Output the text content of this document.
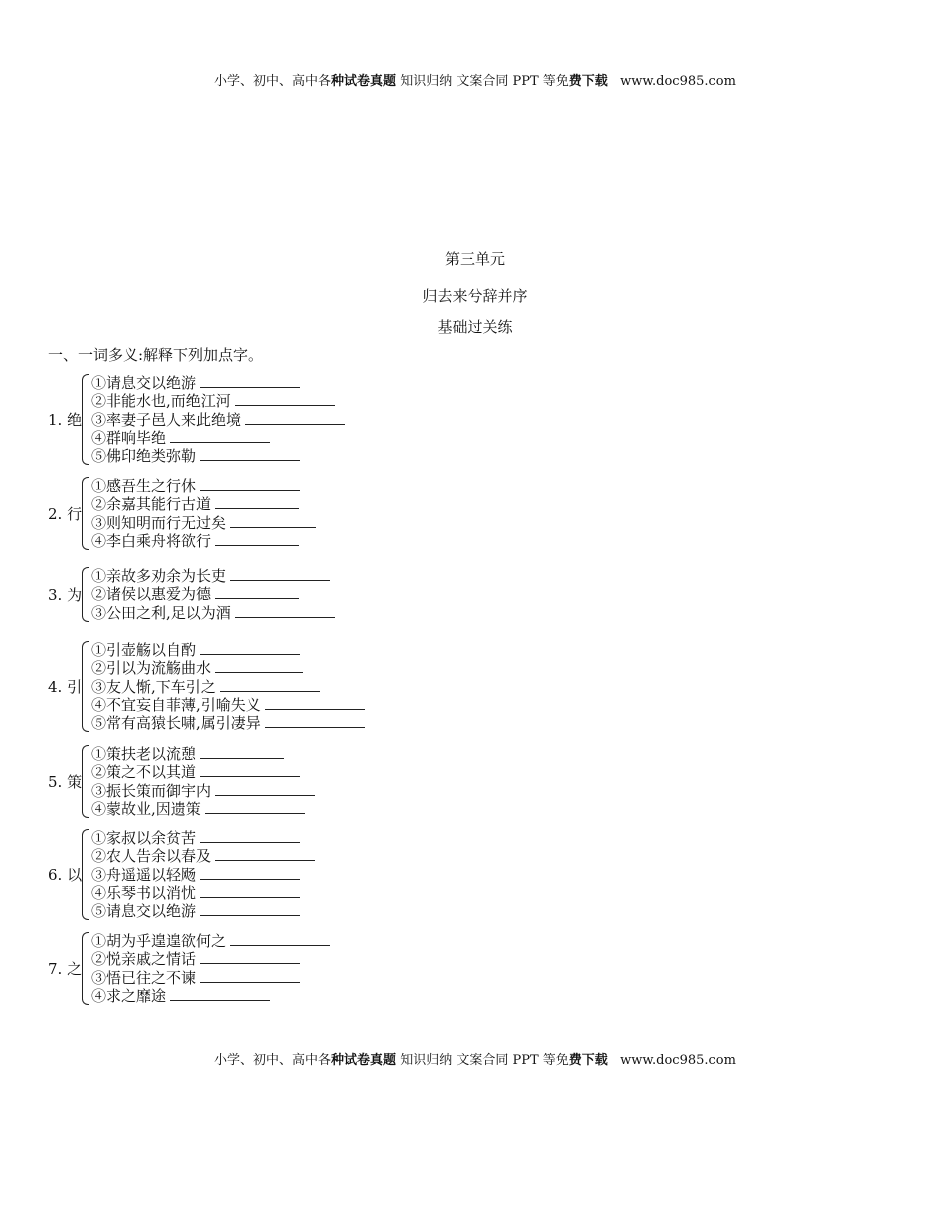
小学、初中、高中各种试卷真题 知识归纳 文案合同 PPT 等免费下载   www.doc985.com
第三单元
归去来兮辞并序
基础过关练
一、一词多义:解释下列加点字。
1. 绝
①请息交以绝游
②非能水也,而绝江河
③率妻子邑人来此绝境
④群响毕绝
⑤佛印绝类弥勒
2. 行
①感吾生之行休
②余嘉其能行古道
③则知明而行无过矣
④李白乘舟将欲行
3. 为
①亲故多劝余为长吏
②诸侯以惠爱为德
③公田之利,足以为酒
4. 引
①引壶觞以自酌
②引以为流觞曲水
③友人惭,下车引之
④不宜妄自菲薄,引喻失义
⑤常有高猿长啸,属引凄异
5. 策
①策扶老以流憩
②策之不以其道
③振长策而御宇内
④蒙故业,因遗策
6. 以
①家叔以余贫苦
②农人告余以春及
③舟遥遥以轻飏
④乐琴书以消忧
⑤请息交以绝游
7. 之
①胡为乎遑遑欲何之
②悦亲戚之情话
③悟已往之不谏
④求之靡途
小学、初中、高中各种试卷真题 知识归纳 文案合同 PPT 等免费下载   www.doc985.com
